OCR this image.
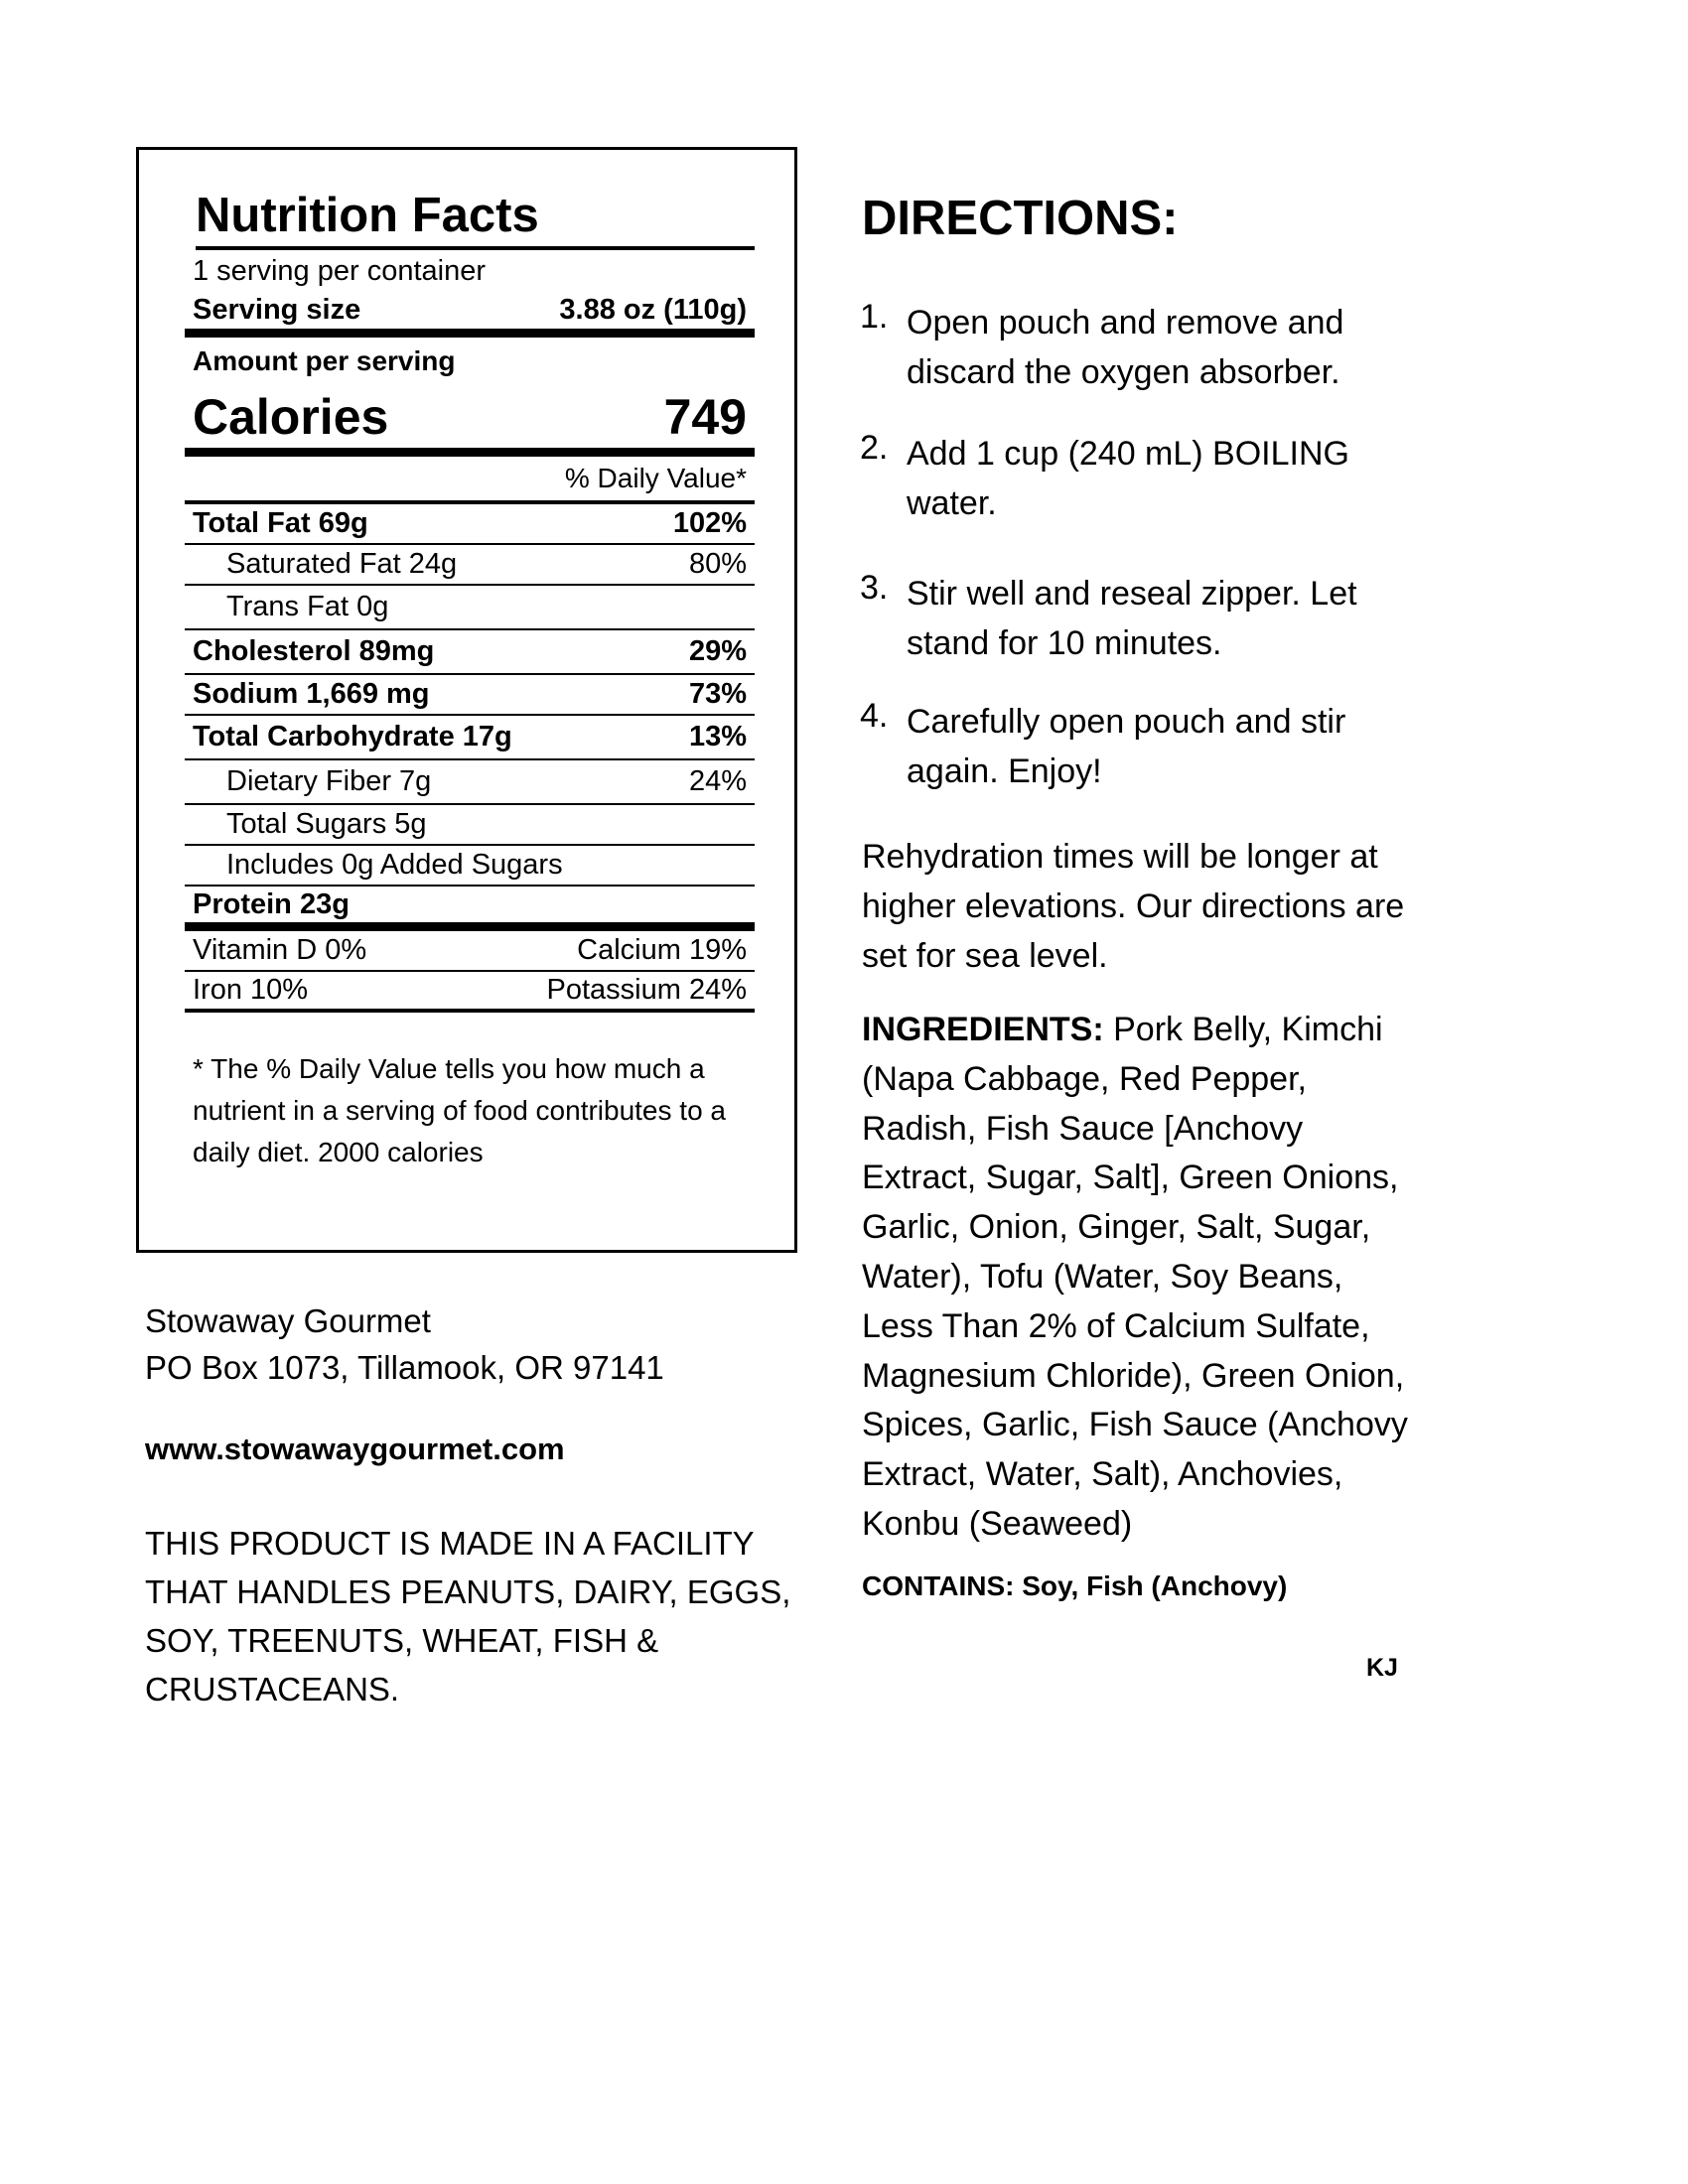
Nutrition Facts
1 serving per container
Serving size	3.88 oz (110g)
Amount per serving
Calories	749
% Daily Value*
Total Fat 69g	102%
Saturated Fat 24g	80%
Trans Fat 0g
Cholesterol 89mg	29%
Sodium 1,669 mg	73%
Total Carbohydrate 17g	13%
Dietary Fiber 7g	24%
Total Sugars 5g
Includes 0g Added Sugars
Protein 23g
Vitamin D 0%	Calcium 19%
Iron 10%	Potassium 24%
* The % Daily Value tells you how much a nutrient in a serving of food contributes to a daily diet. 2000 calories
Stowaway Gourmet
PO Box 1073, Tillamook, OR 97141
www.stowawaygourmet.com
THIS PRODUCT IS MADE IN A FACILITY THAT HANDLES PEANUTS, DAIRY, EGGS, SOY, TREENUTS, WHEAT, FISH & CRUSTACEANS.
DIRECTIONS:
1. Open pouch and remove and discard the oxygen absorber.
2. Add 1 cup (240 mL) BOILING water.
3. Stir well and reseal zipper. Let stand for 10 minutes.
4. Carefully open pouch and stir again. Enjoy!
Rehydration times will be longer at higher elevations. Our directions are set for sea level.
INGREDIENTS: Pork Belly, Kimchi (Napa Cabbage, Red Pepper, Radish, Fish Sauce [Anchovy Extract, Sugar, Salt], Green Onions, Garlic, Onion, Ginger, Salt, Sugar, Water), Tofu (Water, Soy Beans, Less Than 2% of Calcium Sulfate, Magnesium Chloride), Green Onion, Spices, Garlic, Fish Sauce (Anchovy Extract, Water, Salt), Anchovies, Konbu (Seaweed)
CONTAINS: Soy, Fish (Anchovy)
KJ
